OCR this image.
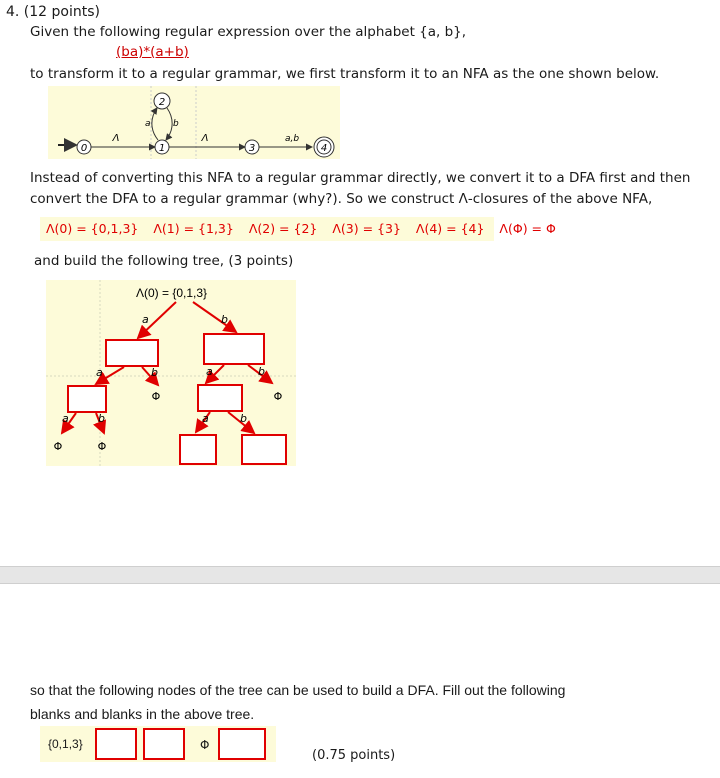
4. (12 points)
Given the following regular expression over the alphabet {a, b},
(ba)*(a+b)
to transform it to a regular grammar, we first transform it to an NFA as the one shown below.
0
Λ
1
2
a b
Λ
3
a,b
4
Instead of converting this NFA to a regular grammar directly, we convert it to a DFA first and then
convert the DFA to a regular grammar (why?). So we construct Λ-closures of the above NFA,
Λ(0) = {0,1,3} Λ(1) = {1,3} Λ(2) = {2} Λ(3) = {3} Λ(4) = {4} Λ(Φ) = Φ
and build the following tree, (3 points)
Λ(0) = {0,1,3}
a	b
a	b
Φ
a	b
Φ
a
Φ
b
Φ
a	b
so that the following nodes of the tree can be used to build a DFA. Fill out the following
blanks and blanks in the above tree.
{0,1,3}	Φ
(0.75 points)
